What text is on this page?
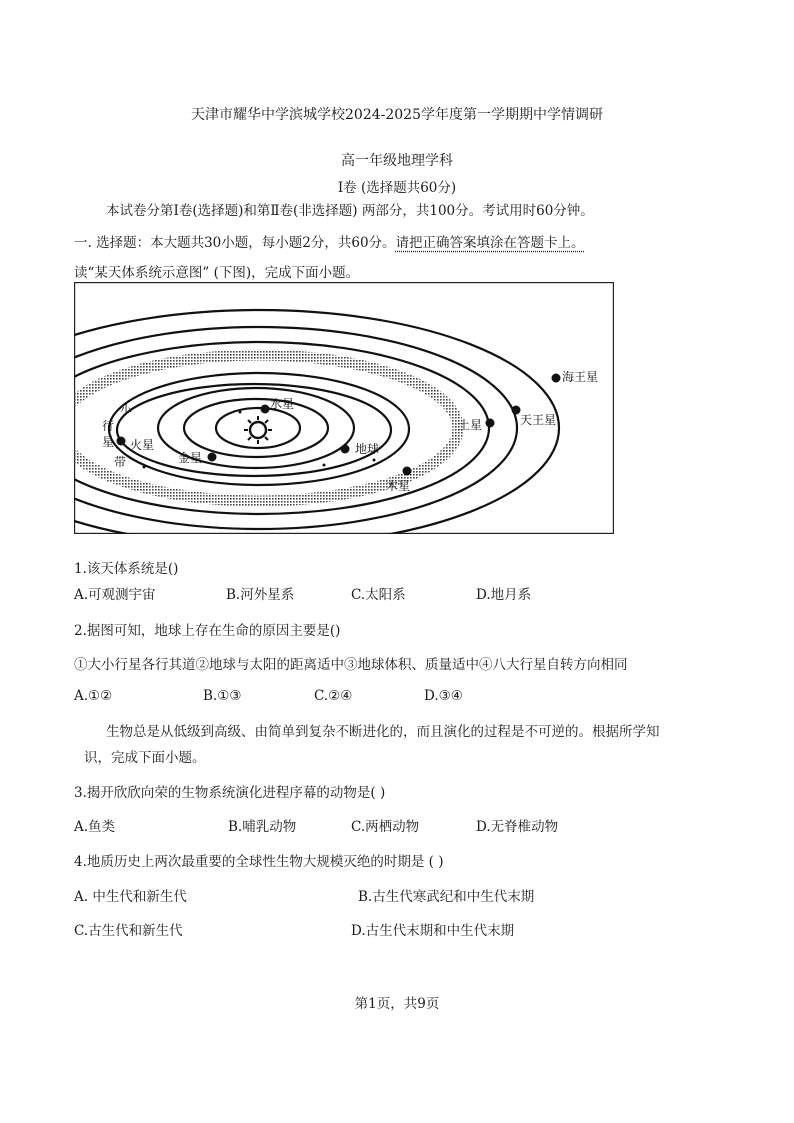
天津市耀华中学滨城学校2024-2025学年度第一学期期中学情调研
高一年级地理学科
Ⅰ卷 (选择题共60分)
本试卷分第Ⅰ卷(选择题)和第Ⅱ卷(非选择题) 两部分，共100分。考试用时60分钟。
一. 选择题：本大题共30小题，每小题2分，共60分。请把正确答案填涂在答题卡上。
读“某天体系统示意图” (下图)，完成下面小题。
水星
金星
地球
火星
木星
土星	天王星
海王星
小
行
星
带
1.该天体系统是()
A.可观测宇宙	B.河外星系	C.太阳系	D.地月系
2.据图可知，地球上存在生命的原因主要是()
①大小行星各行其道②地球与太阳的距离适中③地球体积、质量适中④八大行星自转方向相同
A.①②	B.①③	C.②④	D.③④
生物总是从低级到高级、由简单到复杂不断进化的，而且演化的过程是不可逆的。根据所学知
识，完成下面小题。
3.揭开欣欣向荣的生物系统演化进程序幕的动物是( )
A.鱼类	B.哺乳动物	C.两栖动物	D.无脊椎动物
4.地质历史上两次最重要的全球性生物大规模灭绝的时期是 ( )
A. 中生代和新生代	B.古生代寒武纪和中生代末期
C.古生代和新生代	D.古生代末期和中生代末期
第1页，共9页
